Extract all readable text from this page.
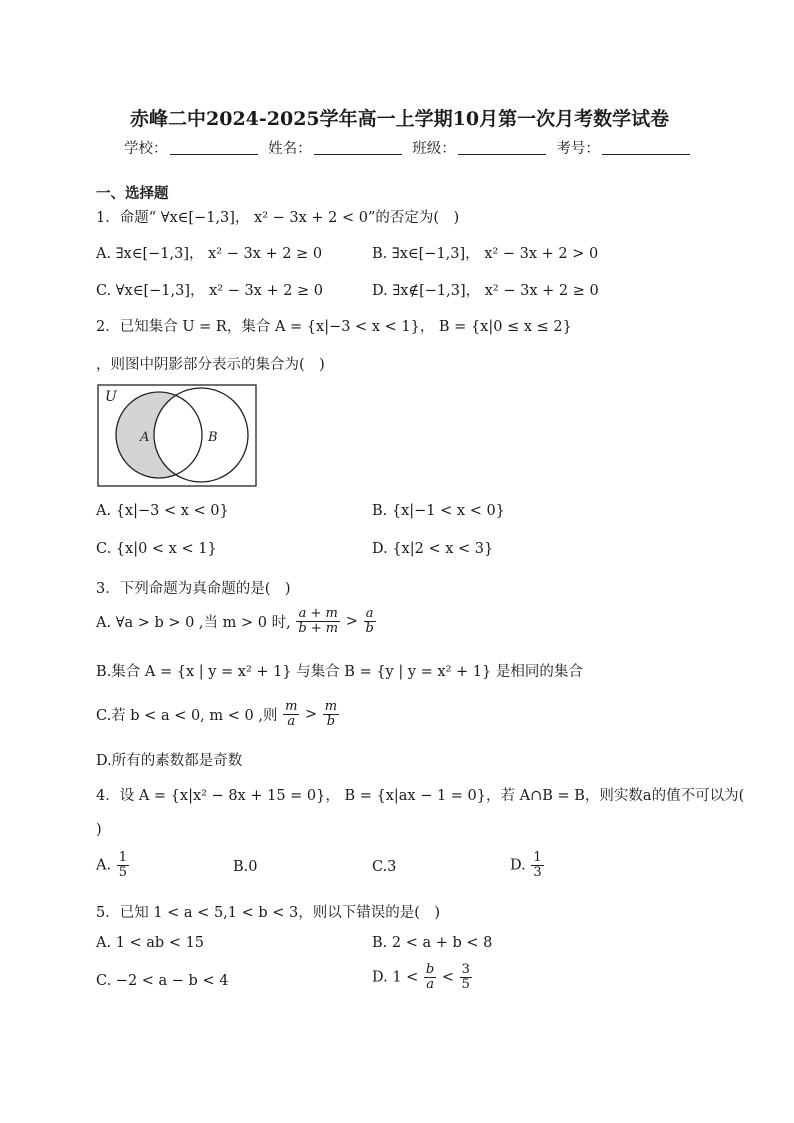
赤峰二中2024-2025学年高一上学期10月第一次月考数学试卷
学校：	姓名：	班级：	考号：
一、选择题
1．命题“ ∀x∈[−1,3]， x² − 3x + 2 < 0”的否定为(　)
A. ∃x∈[−1,3]， x² − 3x + 2 ≥ 0	B. ∃x∈[−1,3]， x² − 3x + 2 > 0
C. ∀x∈[−1,3]， x² − 3x + 2 ≥ 0	D. ∃x∉[−1,3]， x² − 3x + 2 ≥ 0
2．已知集合 U = R，集合 A = {x|−3 < x < 1}， B = {x|0 ≤ x ≤ 2}
，则图中阴影部分表示的集合为(　)
U
A	B
A. {x|−3 < x < 0}	B. {x|−1 < x < 0}
C. {x|0 < x < 1}	D. {x|2 < x < 3}
3．下列命题为真命题的是(　)
A. ∀a > b > 0 ,当 m > 0 时, $\frac{a + m}{b + m} > \frac{a}{b}$
B.集合 A = {x | y = x² + 1} 与集合 B = {y | y = x² + 1} 是相同的集合
C.若 b < a < 0, m < 0 ,则 $\frac{m}{a} > \frac{m}{b}$
D.所有的素数都是奇数
4．设 A = {x|x² − 8x + 15 = 0}， B = {x|ax − 1 = 0}，若 A∩B = B，则实数a的值不可以为(
)
A. $\frac{1}{5}$	B.0	C.3	D. $\frac{1}{3}$
5．已知 1 < a < 5,1 < b < 3，则以下错误的是(　)
A. 1 < ab < 15	B. 2 < a + b < 8
C. −2 < a − b < 4	D. $1 < \frac{b}{a} < \frac{3}{5}$
